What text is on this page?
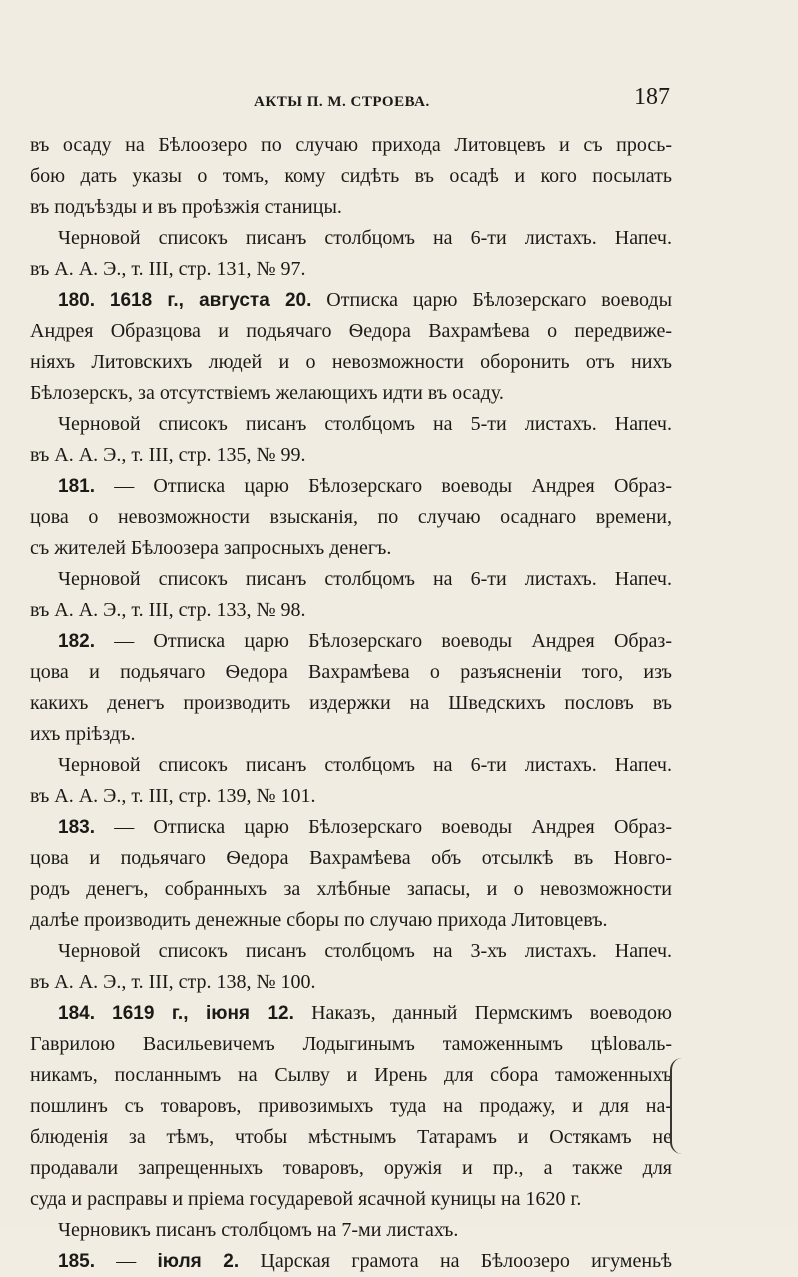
АКТЫ П. М. СТРОЕВА.	187
въ осаду на Бѣлоозеро по случаю прихода Литовцевъ и съ прось-
бою дать указы о томъ, кому сидѣть въ осадѣ и кого посылать
въ подъѣзды и въ проѣзжія станицы.
Черновой списокъ писанъ столбцомъ на 6-ти листахъ. Напеч.
въ А. А. Э., т. III, стр. 131, № 97.
180. 1618 г., августа 20. Отписка царю Бѣлозерскаго воеводы
Андрея Образцова и подьячаго Ѳедора Вахрамѣева о передвиже-
ніяхъ Литовскихъ людей и о невозможности оборонить отъ нихъ
Бѣлозерскъ, за отсутствіемъ желающихъ идти въ осаду.
Черновой списокъ писанъ столбцомъ на 5-ти листахъ. Напеч.
въ А. А. Э., т. III, стр. 135, № 99.
181. — Отписка царю Бѣлозерскаго воеводы Андрея Образ-
цова о невозможности взысканія, по случаю осаднаго времени,
съ жителей Бѣлоозера запросныхъ денегъ.
Черновой списокъ писанъ столбцомъ на 6-ти листахъ. Напеч.
въ А. А. Э., т. III, стр. 133, № 98.
182. — Отписка царю Бѣлозерскаго воеводы Андрея Образ-
цова и подьячаго Ѳедора Вахрамѣева о разъясненіи того, изъ
какихъ денегъ производить издержки на Шведскихъ пословъ въ
ихъ пріѣздъ.
Черновой списокъ писанъ столбцомъ на 6-ти листахъ. Напеч.
въ А. А. Э., т. III, стр. 139, № 101.
183. — Отписка царю Бѣлозерскаго воеводы Андрея Образ-
цова и подьячаго Ѳедора Вахрамѣева объ отсылкѣ въ Новго-
родъ денегъ, собранныхъ за хлѣбные запасы, и о невозможности
далѣе производить денежные сборы по случаю прихода Литовцевъ.
Черновой списокъ писанъ столбцомъ на 3-хъ листахъ. Напеч.
въ А. А. Э., т. III, стр. 138, № 100.
184. 1619 г., іюня 12. Наказъ, данный Пермскимъ воеводою
Гаврилою Васильевичемъ Лодыгинымъ таможеннымъ цѣloваль-
никамъ, посланнымъ на Сылву и Ирень для сбора таможенныхъ
пошлинъ съ товаровъ, привозимыхъ туда на продажу, и для на-
блюденія за тѣмъ, чтобы мѣстнымъ Татарамъ и Остякамъ не
продавали запрещенныхъ товаровъ, оружія и пр., а также для
суда и расправы и пріема государевой ясачной куницы на 1620 г.
Черновикъ писанъ столбцомъ на 7-ми листахъ.
185. — іюля 2. Царская грамота на Бѣлоозеро игуменьѣ
